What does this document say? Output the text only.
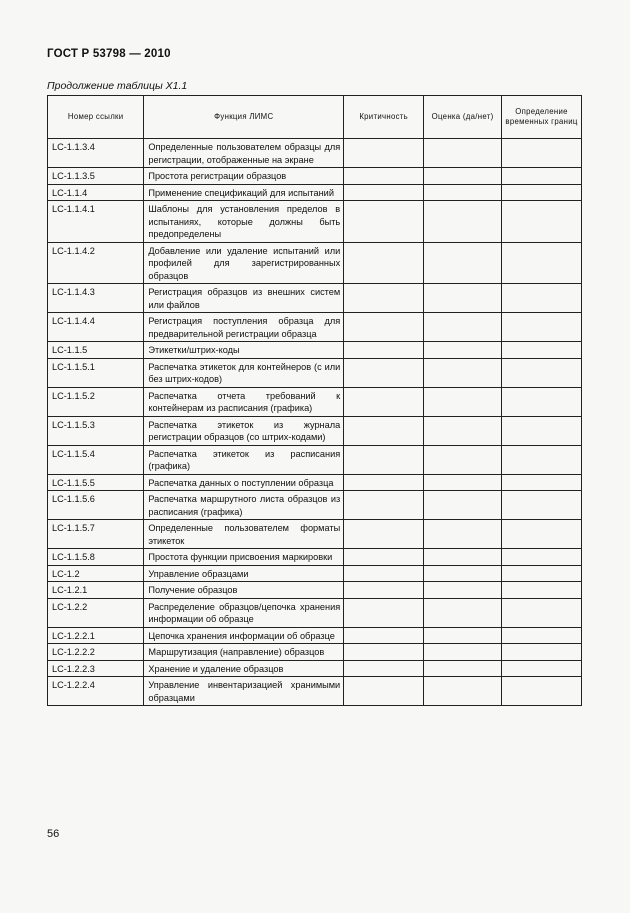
ГОСТ Р 53798 — 2010
Продолжение таблицы X1.1
Номер ссылки	Функция ЛИМС	Критичность	Оценка (да/нет)	Определение временных границ
LC-1.1.3.4	Определенные пользователем образцы для регистрации, отображенные на экране			
LC-1.1.3.5	Простота регистрации образцов			
LC-1.1.4	Применение спецификаций для испытаний			
LC-1.1.4.1	Шаблоны для установления пределов в испытаниях, которые должны быть предопределены			
LC-1.1.4.2	Добавление или удаление испытаний или профилей для зарегистрированных образцов			
LC-1.1.4.3	Регистрация образцов из внешних систем или файлов			
LC-1.1.4.4	Регистрация поступления образца для предварительной регистрации образца			
LC-1.1.5	Этикетки/штрих-коды			
LC-1.1.5.1	Распечатка этикеток для контейнеров (с или без штрих-кодов)			
LC-1.1.5.2	Распечатка отчета требований к контейнерам из расписания (графика)			
LC-1.1.5.3	Распечатка этикеток из журнала регистрации образцов (со штрих-кодами)			
LC-1.1.5.4	Распечатка этикеток из расписания (графика)			
LC-1.1.5.5	Распечатка данных о поступлении образца			
LC-1.1.5.6	Распечатка маршрутного листа образцов из расписания (графика)			
LC-1.1.5.7	Определенные пользователем форматы этикеток			
LC-1.1.5.8	Простота функции присвоения маркировки			
LC-1.2	Управление образцами			
LC-1.2.1	Получение образцов			
LC-1.2.2	Распределение образцов/цепочка хранения информации об образце			
LC-1.2.2.1	Цепочка хранения информации об образце			
LC-1.2.2.2	Маршрутизация (направление) образцов			
LC-1.2.2.3	Хранение и удаление образцов			
LC-1.2.2.4	Управление инвентаризацией хранимыми образцами			
56
